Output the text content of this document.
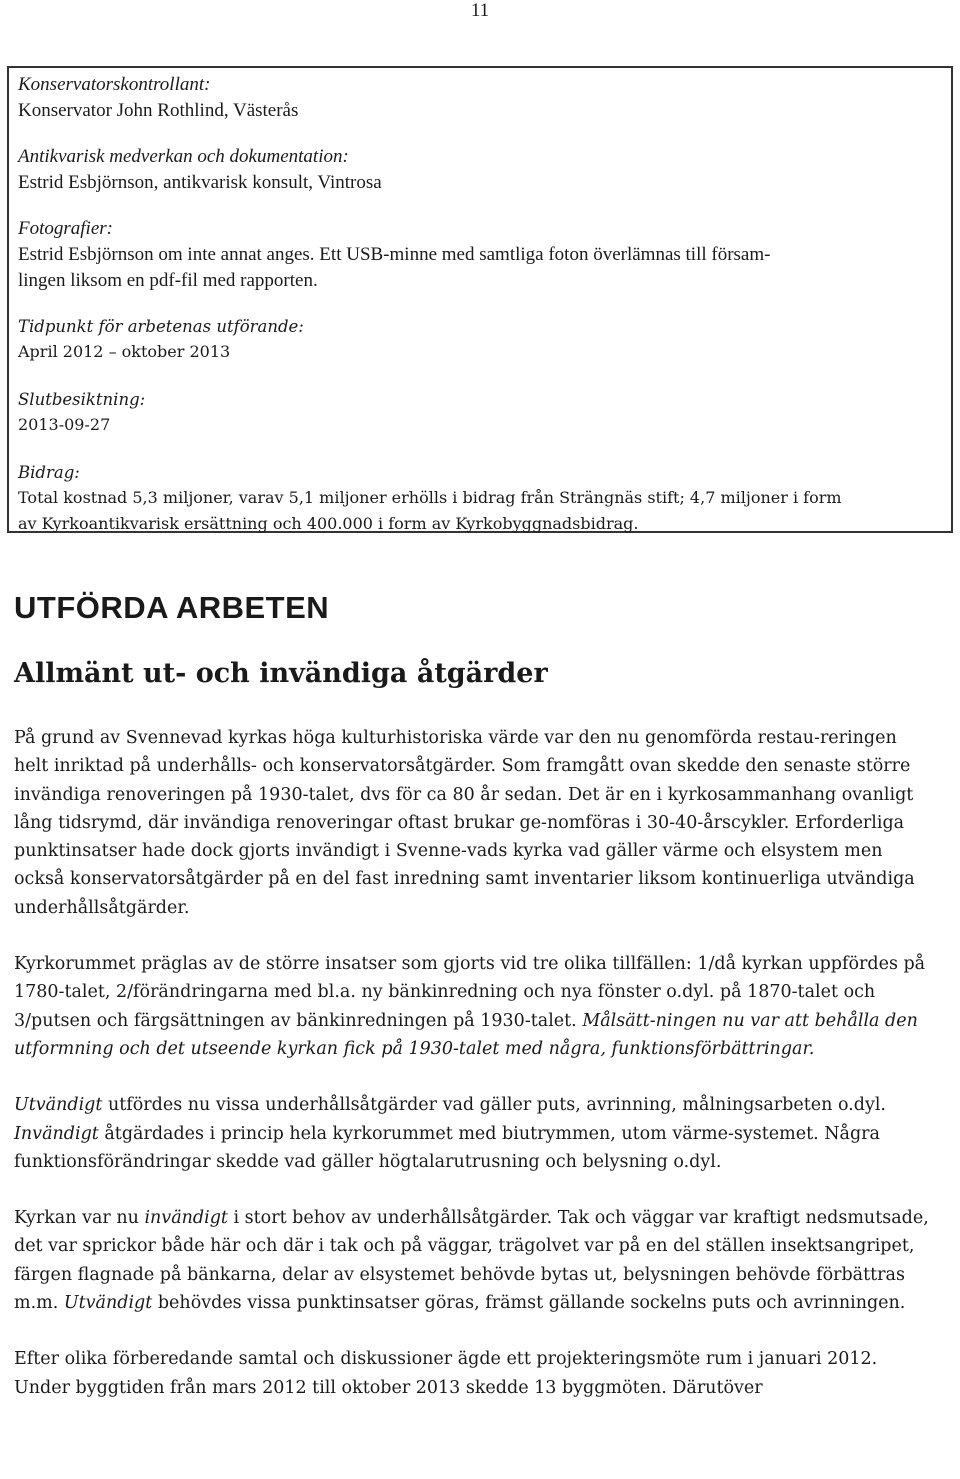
11

Konservatorskontrollant:

Konservator John Rothlind, Västerås

Antikvarisk medverkan och dokumentation:

Estrid Esbjörnson, antikvarisk konsult, Vintrosa

Fotografier:

Estrid Esbjörnson om inte annat anges. Ett USB-minne med samtliga foton överlämnas till försam-

lingen liksom en pdf-fil med rapporten.

Tidpunkt för arbetenas utförande:

April 2012 – oktober 2013

Slutbesiktning:

2013-09-27

Bidrag:

Total kostnad 5,3 miljoner, varav 5,1 miljoner erhölls i bidrag från Strängnäs stift; 4,7 miljoner i form

av Kyrkoantikvarisk ersättning och 400.000 i form av Kyrkobyggnadsbidrag.

UTFÖRDA ARBETEN
Allmänt ut- och invändiga åtgärder

På grund av Svennevad kyrkas höga kulturhistoriska värde var den nu genomförda restau-reringen helt inriktad på underhålls- och konservatorsåtgärder. Som framgått ovan skedde den senaste större invändiga renoveringen på 1930-talet, dvs för ca 80 år sedan. Det är en i kyrkosammanhang ovanligt lång tidsrymd, där invändiga renoveringar oftast brukar ge-nomföras i 30-40-årscykler. Erforderliga punktinsatser hade dock gjorts invändigt i Svenne-vads kyrka vad gäller värme och elsystem men också konservatorsåtgärder på en del fast inredning samt inventarier liksom kontinuerliga utvändiga underhållsåtgärder.

Kyrkorummet präglas av de större insatser som gjorts vid tre olika tillfällen: 1/då kyrkan uppfördes på 1780-talet, 2/förändringarna med bl.a. ny bänkinredning och nya fönster o.dyl. på 1870-talet och 3/putsen och färgsättningen av bänkinredningen på 1930-talet. Målsätt-ningen nu var att behålla den utformning och det utseende kyrkan fick på 1930-talet med några, funktionsförbättringar.

Utvändigt utfördes nu vissa underhållsåtgärder vad gäller puts, avrinning, målningsarbeten o.dyl. Invändigt åtgärdades i princip hela kyrkorummet med biutrymmen, utom värme-systemet. Några funktionsförändringar skedde vad gäller högtalarutrusning och belysning o.dyl.

Kyrkan var nu invändigt i stort behov av underhållsåtgärder. Tak och väggar var kraftigt nedsmutsade, det var sprickor både här och där i tak och på väggar, trägolvet var på en del ställen insektsangripet, färgen flagnade på bänkarna, delar av elsystemet behövde bytas ut, belysningen behövde förbättras m.m. Utvändigt behövdes vissa punktinsatser göras, främst gällande sockelns puts och avrinningen.

Efter olika förberedande samtal och diskussioner ägde ett projekteringsmöte rum i januari 2012. Under byggtiden från mars 2012 till oktober 2013 skedde 13 byggmöten. Därutöver
